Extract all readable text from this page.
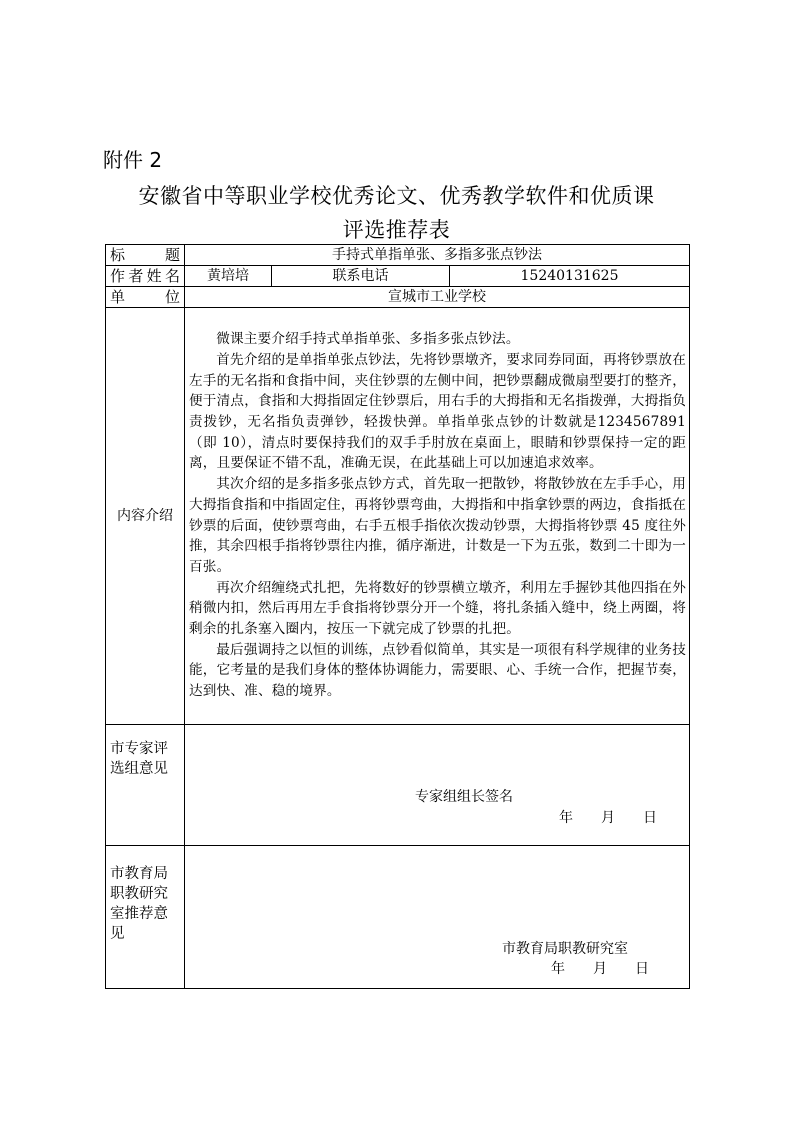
附件 2
安徽省中等职业学校优秀论文、优秀教学软件和优质课
评选推荐表
标题	手持式单指单张、多指多张点钞法		
作者姓名	黄培培	联系电话	15240131625
单位	宣城市工业学校		
内容介绍	微课主要介绍手持式单指单张、多指多张点钞法。

首先介绍的是单指单张点钞法，先将钞票墩齐，要求同券同面，再将钞票放在左手的无名指和食指中间，夹住钞票的左侧中间，把钞票翻成微扇型要打的整齐，便于清点，食指和大拇指固定住钞票后，用右手的大拇指和无名指拨弹，大拇指负责拨钞，无名指负责弹钞，轻拨快弹。单指单张点钞的计数就是1234567891（即 10），清点时要保持我们的双手手肘放在桌面上，眼睛和钞票保持一定的距离，且要保证不错不乱，准确无误，在此基础上可以加速追求效率。

其次介绍的是多指多张点钞方式，首先取一把散钞，将散钞放在左手手心，用大拇指食指和中指固定住，再将钞票弯曲，大拇指和中指拿钞票的两边，食指抵在钞票的后面，使钞票弯曲，右手五根手指依次拨动钞票，大拇指将钞票 45 度往外推，其余四根手指将钞票往内推，循序渐进，计数是一下为五张，数到二十即为一百张。

再次介绍缠绕式扎把，先将数好的钞票横立墩齐，利用左手握钞其他四指在外稍微内扣，然后再用左手食指将钞票分开一个缝，将扎条插入缝中，绕上两圈，将剩余的扎条塞入圈内，按压一下就完成了钞票的扎把。

最后强调持之以恒的训练，点钞看似简单，其实是一项很有科学规律的业务技能，它考量的是我们身体的整体协调能力，需要眼、心、手统一合作，把握节奏，达到快、准、稳的境界。		

市专家评选组意见	专家组组长签名
年　　月　　日		

市教育局职教研究室推荐意见	市教育局职教研究室
年　　月　　日		
